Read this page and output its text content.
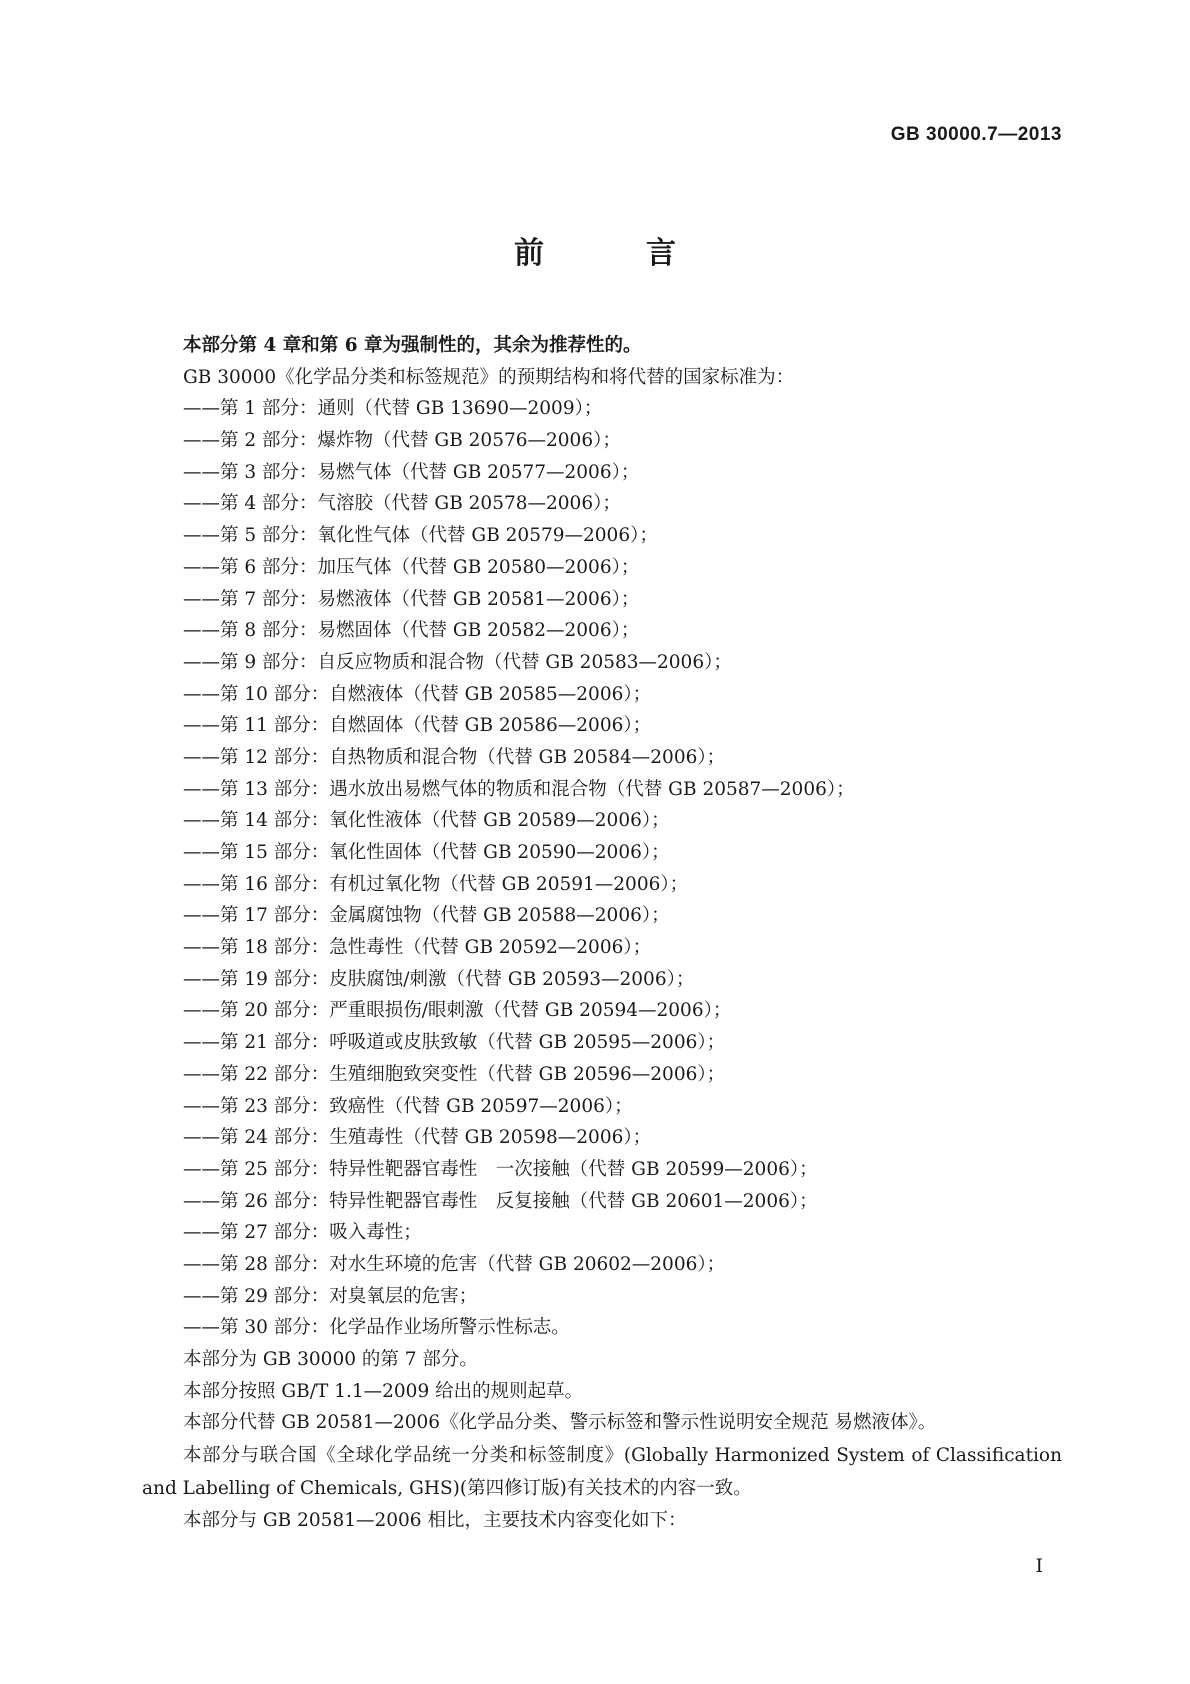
GB 30000.7—2013
前　言
本部分第 4 章和第 6 章为强制性的，其余为推荐性的。
GB 30000《化学品分类和标签规范》的预期结构和将代替的国家标准为：
——第 1 部分：通则（代替 GB 13690—2009）；
——第 2 部分：爆炸物（代替 GB 20576—2006）；
——第 3 部分：易燃气体（代替 GB 20577—2006）；
——第 4 部分：气溶胶（代替 GB 20578—2006）；
——第 5 部分：氧化性气体（代替 GB 20579—2006）；
——第 6 部分：加压气体（代替 GB 20580—2006）；
——第 7 部分：易燃液体（代替 GB 20581—2006）；
——第 8 部分：易燃固体（代替 GB 20582—2006）；
——第 9 部分：自反应物质和混合物（代替 GB 20583—2006）；
——第 10 部分：自燃液体（代替 GB 20585—2006）；
——第 11 部分：自燃固体（代替 GB 20586—2006）；
——第 12 部分：自热物质和混合物（代替 GB 20584—2006）；
——第 13 部分：遇水放出易燃气体的物质和混合物（代替 GB 20587—2006）；
——第 14 部分：氧化性液体（代替 GB 20589—2006）；
——第 15 部分：氧化性固体（代替 GB 20590—2006）；
——第 16 部分：有机过氧化物（代替 GB 20591—2006）；
——第 17 部分：金属腐蚀物（代替 GB 20588—2006）；
——第 18 部分：急性毒性（代替 GB 20592—2006）；
——第 19 部分：皮肤腐蚀/刺激（代替 GB 20593—2006）；
——第 20 部分：严重眼损伤/眼刺激（代替 GB 20594—2006）；
——第 21 部分：呼吸道或皮肤致敏（代替 GB 20595—2006）；
——第 22 部分：生殖细胞致突变性（代替 GB 20596—2006）；
——第 23 部分：致癌性（代替 GB 20597—2006）；
——第 24 部分：生殖毒性（代替 GB 20598—2006）；
——第 25 部分：特异性靶器官毒性　一次接触（代替 GB 20599—2006）；
——第 26 部分：特异性靶器官毒性　反复接触（代替 GB 20601—2006）；
——第 27 部分：吸入毒性；
——第 28 部分：对水生环境的危害（代替 GB 20602—2006）；
——第 29 部分：对臭氧层的危害；
——第 30 部分：化学品作业场所警示性标志。
本部分为 GB 30000 的第 7 部分。
本部分按照 GB/T 1.1—2009 给出的规则起草。
本部分代替 GB 20581—2006《化学品分类、警示标签和警示性说明安全规范 易燃液体》。
本部分与联合国《全球化学品统一分类和标签制度》(Globally Harmonized System of Classification and Labelling of Chemicals, GHS)(第四修订版)有关技术的内容一致。
本部分与 GB 20581—2006 相比，主要技术内容变化如下：
I
